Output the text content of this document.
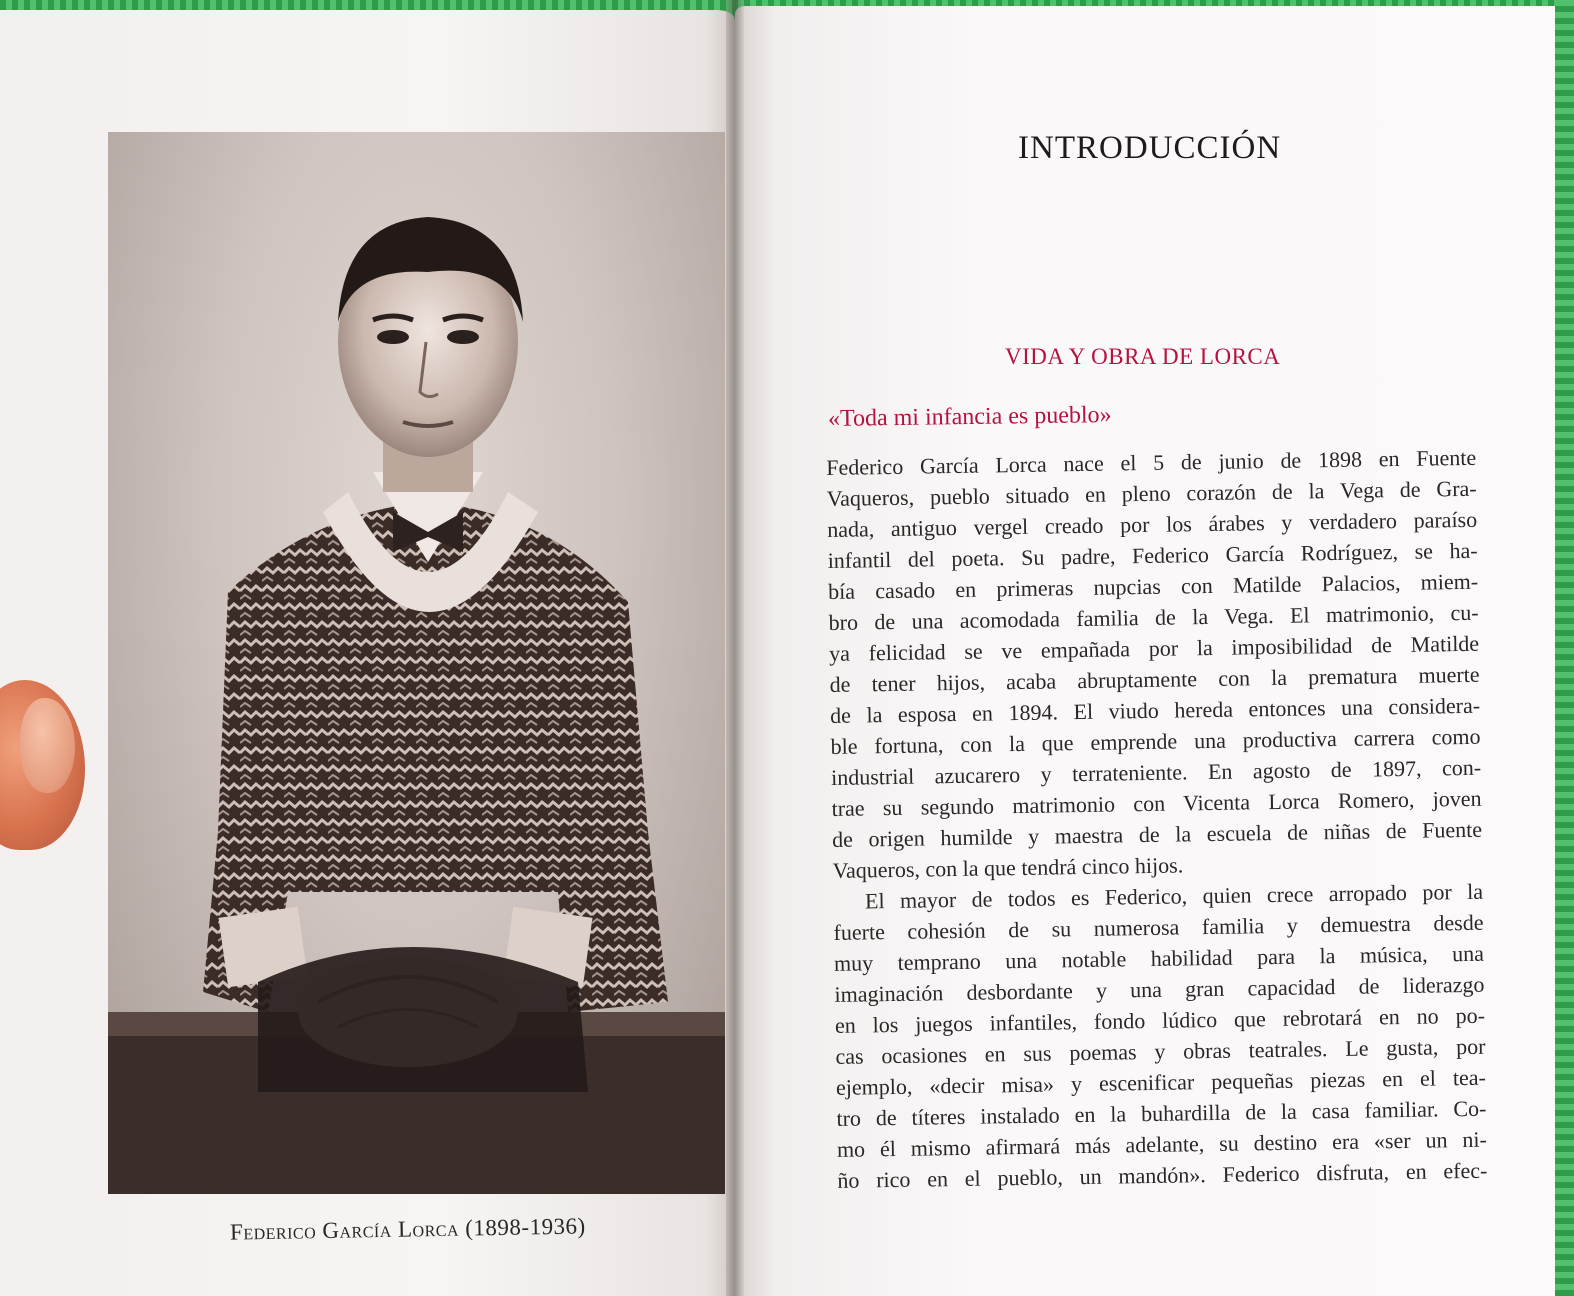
Federico García Lorca (1898-1936)
INTRODUCCIÓN
VIDA Y OBRA DE LORCA
«Toda mi infancia es pueblo»
Federico García Lorca nace el 5 de junio de 1898 en Fuente
Vaqueros, pueblo situado en pleno corazón de la Vega de Gra-
nada, antiguo vergel creado por los árabes y verdadero paraíso
infantil del poeta. Su padre, Federico García Rodríguez, se ha-
bía casado en primeras nupcias con Matilde Palacios, miem-
bro de una acomodada familia de la Vega. El matrimonio, cu-
ya felicidad se ve empañada por la imposibilidad de Matilde
de tener hijos, acaba abruptamente con la prematura muerte
de la esposa en 1894. El viudo hereda entonces una considera-
ble fortuna, con la que emprende una productiva carrera como
industrial azucarero y terrateniente. En agosto de 1897, con-
trae su segundo matrimonio con Vicenta Lorca Romero, joven
de origen humilde y maestra de la escuela de niñas de Fuente
Vaqueros, con la que tendrá cinco hijos.
El mayor de todos es Federico, quien crece arropado por la
fuerte cohesión de su numerosa familia y demuestra desde
muy temprano una notable habilidad para la música, una
imaginación desbordante y una gran capacidad de liderazgo
en los juegos infantiles, fondo lúdico que rebrotará en no po-
cas ocasiones en sus poemas y obras teatrales. Le gusta, por
ejemplo, «decir misa» y escenificar pequeñas piezas en el tea-
tro de títeres instalado en la buhardilla de la casa familiar. Co-
mo él mismo afirmará más adelante, su destino era «ser un ni-
ño rico en el pueblo, un mandón». Federico disfruta, en efec-
